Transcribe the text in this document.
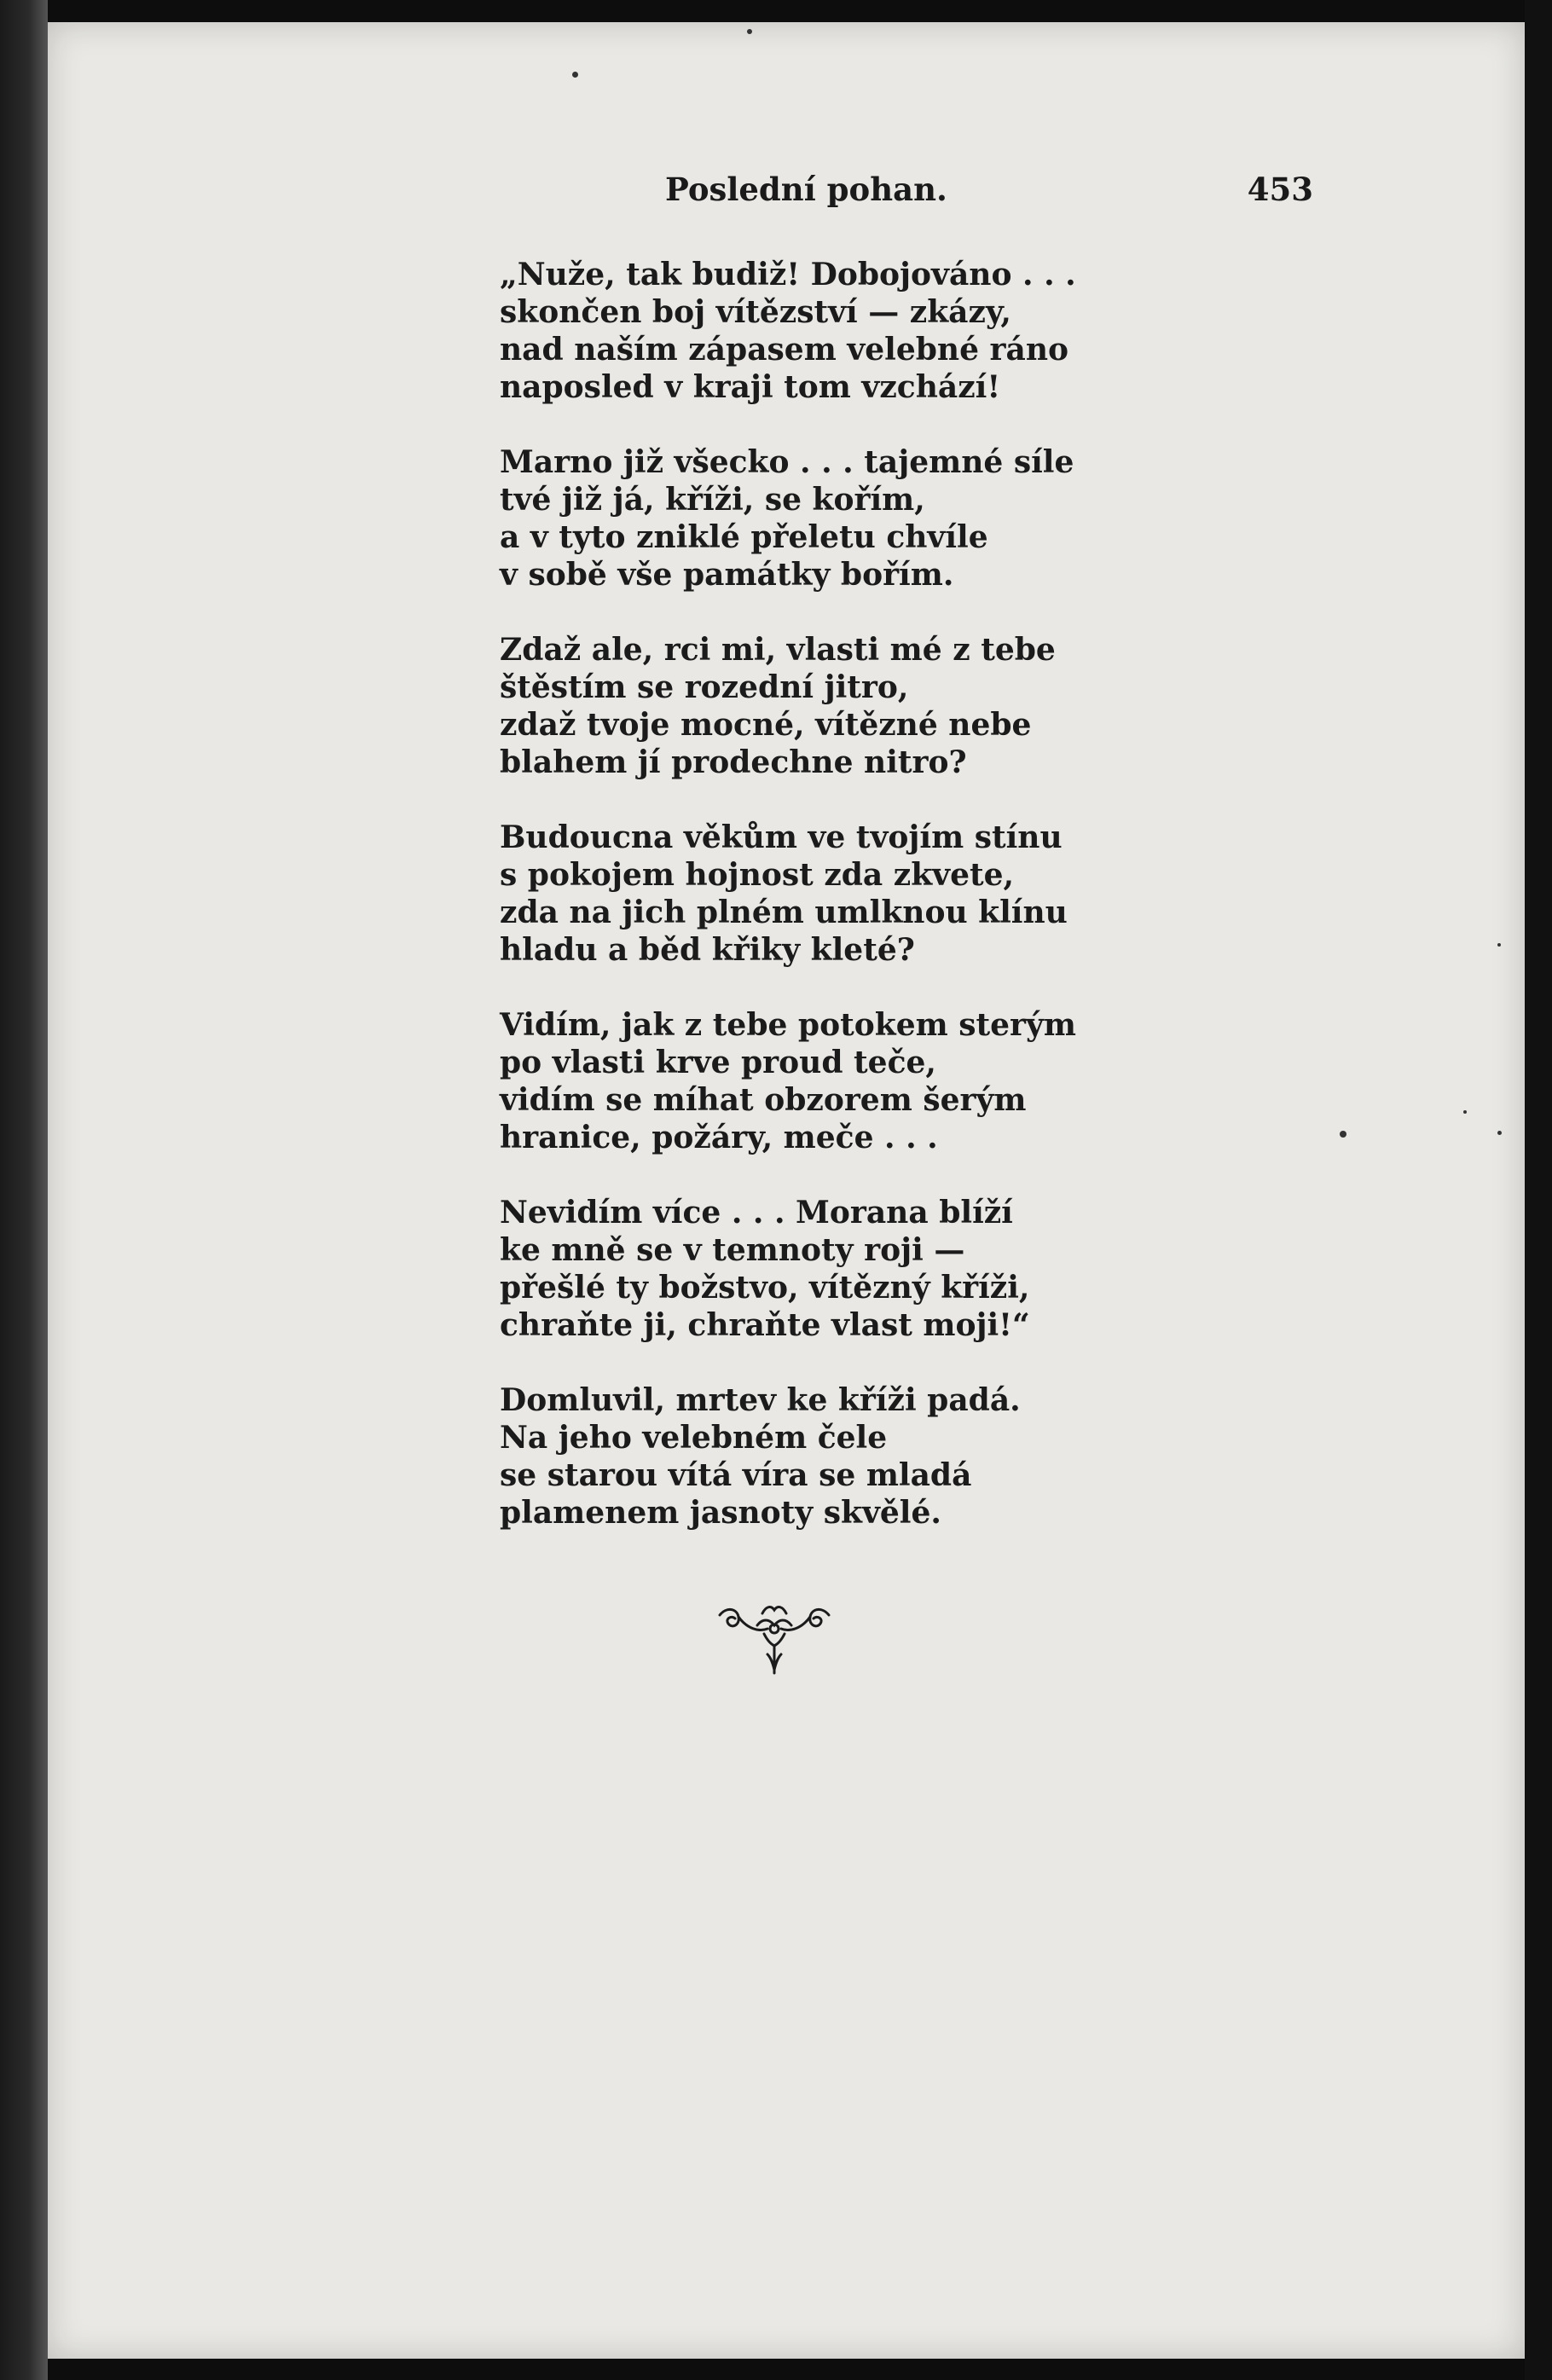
Poslední pohan.	453
„Nuže, tak budiž! Dobojováno . . .
skončen boj vítězství — zkázy,
nad naším zápasem velebné ráno
naposled v kraji tom vzchází!
Marno již všecko . . . tajemné síle
tvé již já, kříži, se kořím,
a v tyto zniklé přeletu chvíle
v sobě vše památky bořím.
Zdaž ale, rci mi, vlasti mé z tebe
štěstím se rozední jitro,
zdaž tvoje mocné, vítězné nebe
blahem jí prodechne nitro?
Budoucna věkům ve tvojím stínu
s pokojem hojnost zda zkvete,
zda na jich plném umlknou klínu
hladu a běd křiky kleté?
Vidím, jak z tebe potokem sterým
po vlasti krve proud teče,
vidím se míhat obzorem šerým
hranice, požáry, meče . . .
Nevidím více . . . Morana blíží
ke mně se v temnoty roji —
přešlé ty božstvo, vítězný kříži,
chraňte ji, chraňte vlast moji!“
Domluvil, mrtev ke kříži padá.
Na jeho velebném čele
se starou vítá víra se mladá
plamenem jasnoty skvělé.
